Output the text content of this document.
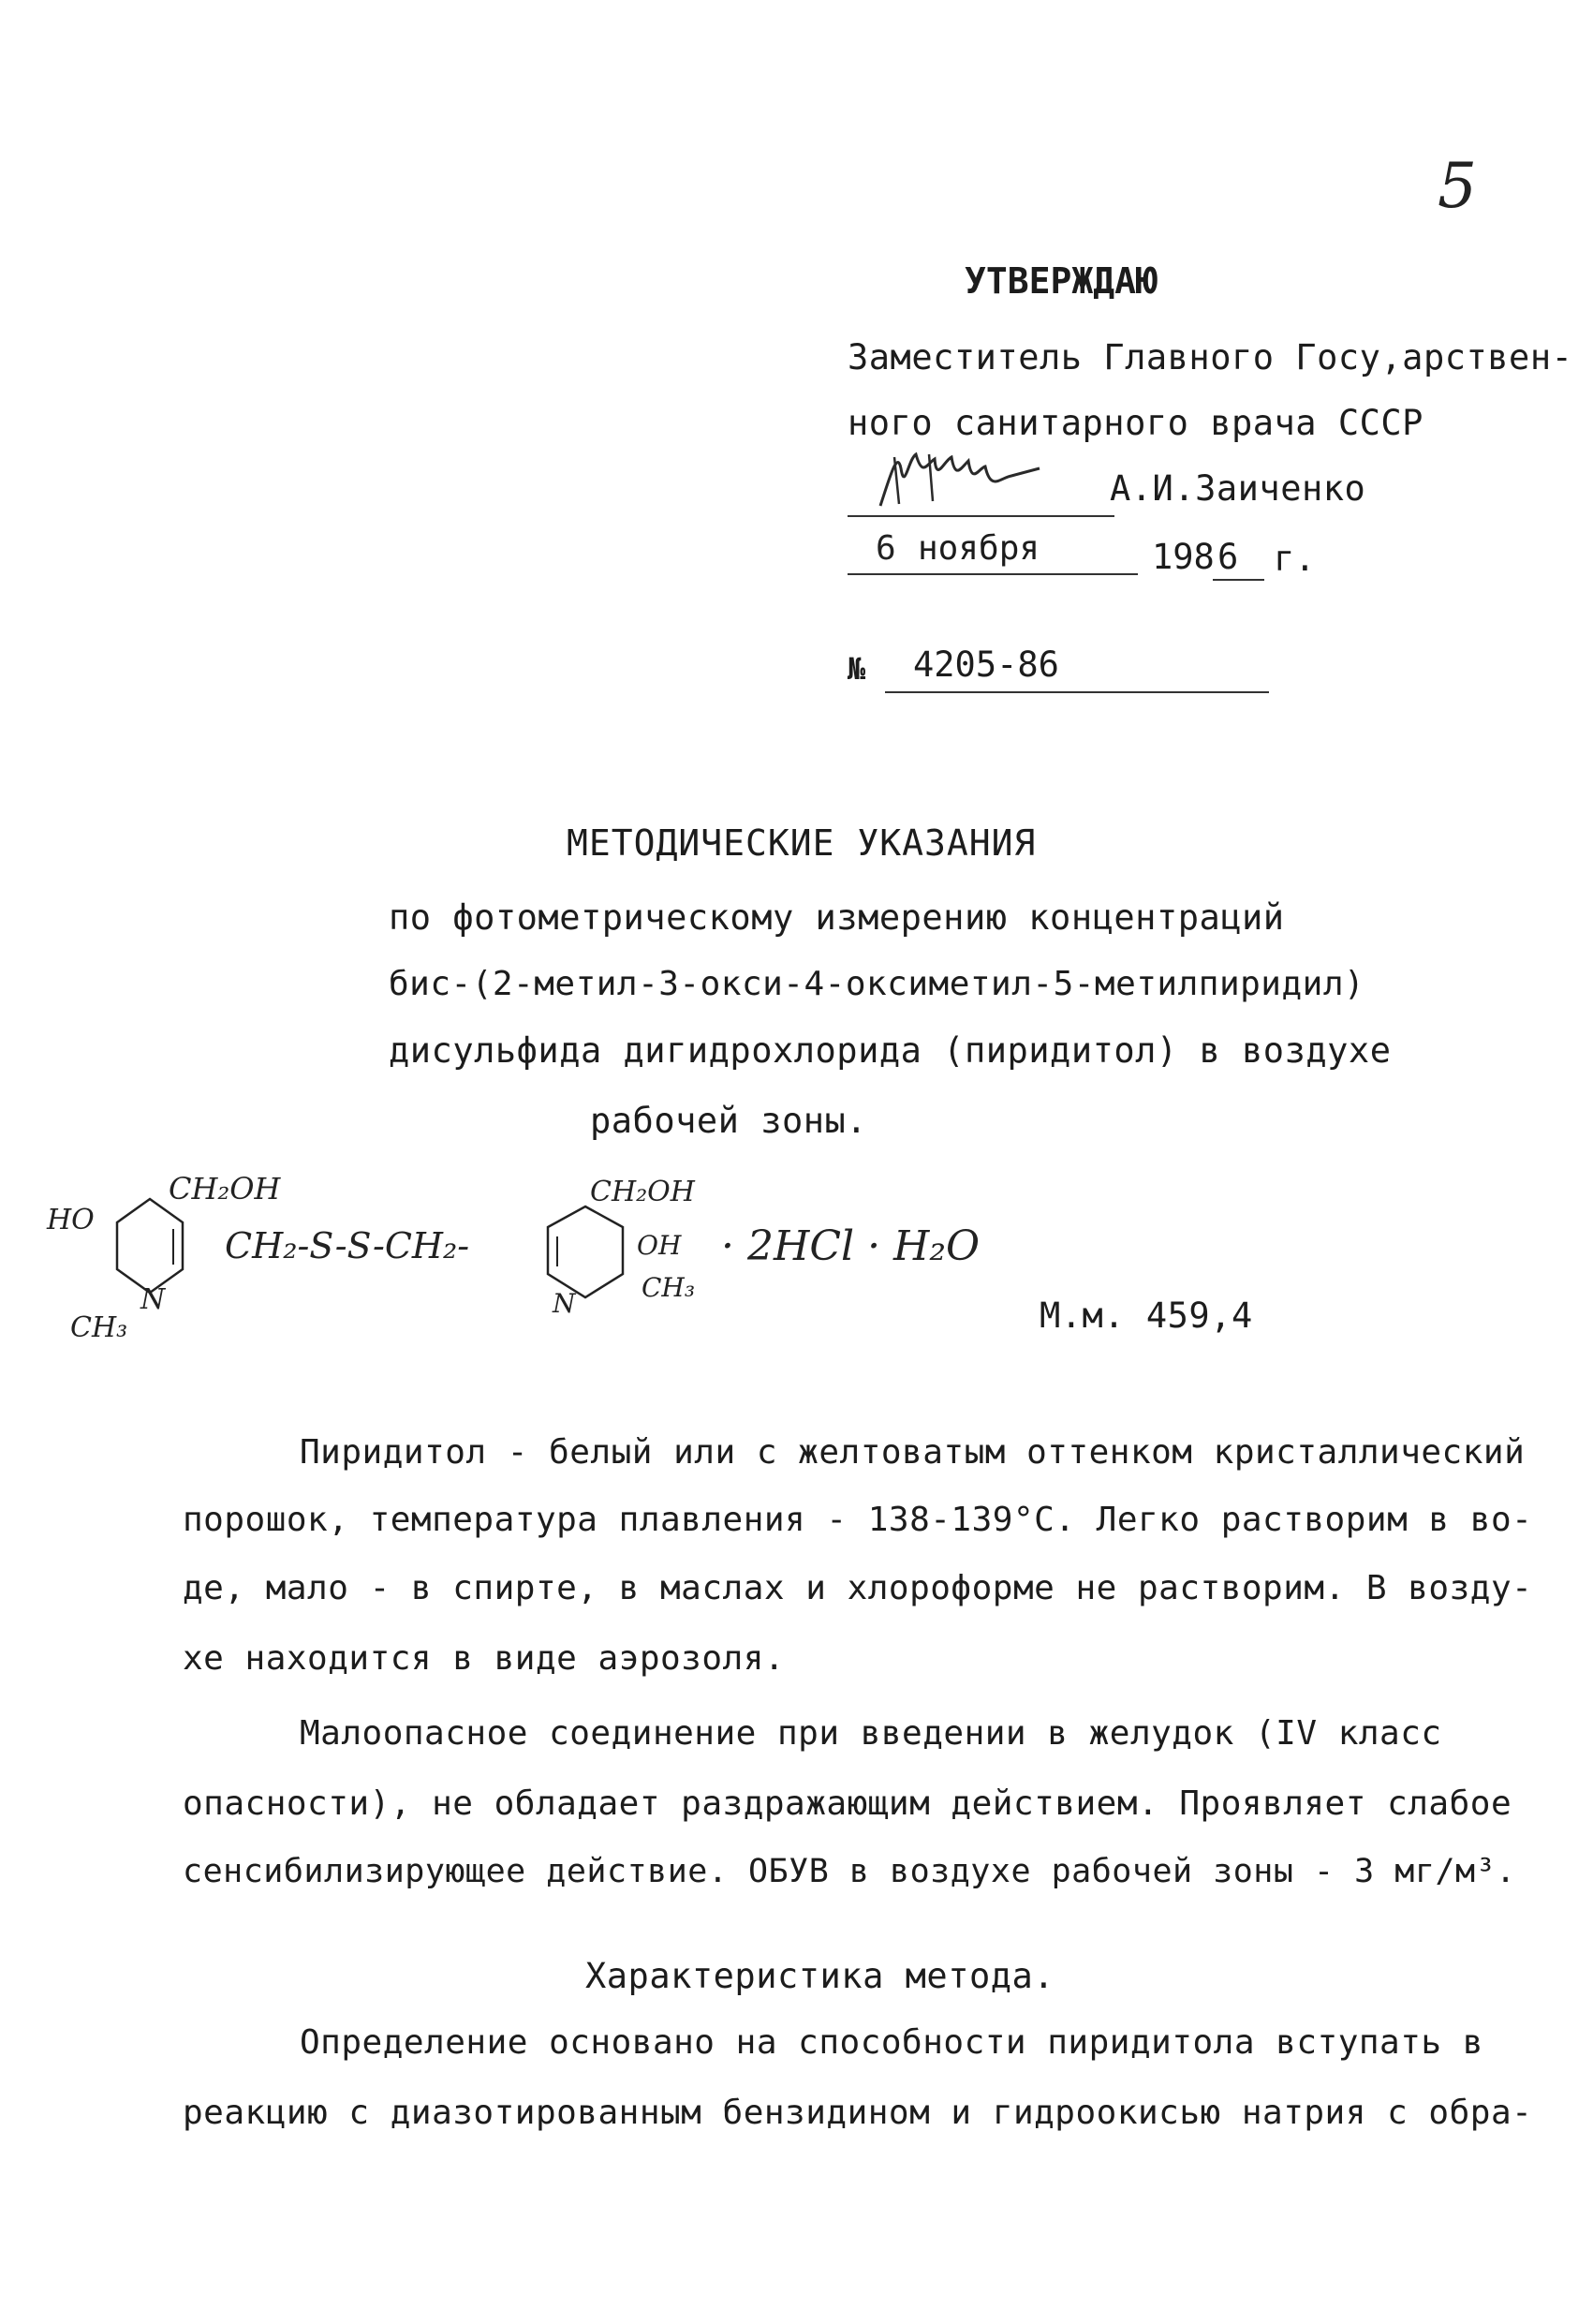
5
УТВЕРЖДАЮ
Заместитель Главного Госу,арствен-
ного санитарного врача СССР
А.И.Заиченко
6 ноября	198 6 г.
№ 4205-86
МЕТОДИЧЕСКИЕ УКАЗАНИЯ
по фотометрическому измерению концентраций
бис-(2-метил-3-окси-4-оксиметил-5-метилпиридил)
дисульфида дигидрохлорида (пиридитол) в воздухе
рабочей зоны.
CH₂OH
HO
CH₂-S-S-CH₂-
N
CH₃
CH₂OH
OH
CH₃
N
· 2HCl · H₂O
М.м. 459,4
Пиридитол - белый или с желтоватым оттенком кристаллический
порошок, температура плавления - 138-139°С. Легко растворим в во-
де, мало - в спирте, в маслах и хлороформе не растворим. В возду-
хе находится в виде аэрозоля.
Малоопасное соединение при введении в желудок (IV класс
опасности), не обладает раздражающим действием. Проявляет слабое
сенсибилизирующее действие. ОБУВ в воздухе рабочей зоны - 3 мг/м³.
Характеристика метода.
Определение основано на способности пиридитола вступать в
реакцию с диазотированным бензидином и гидроокисью натрия с обра-
